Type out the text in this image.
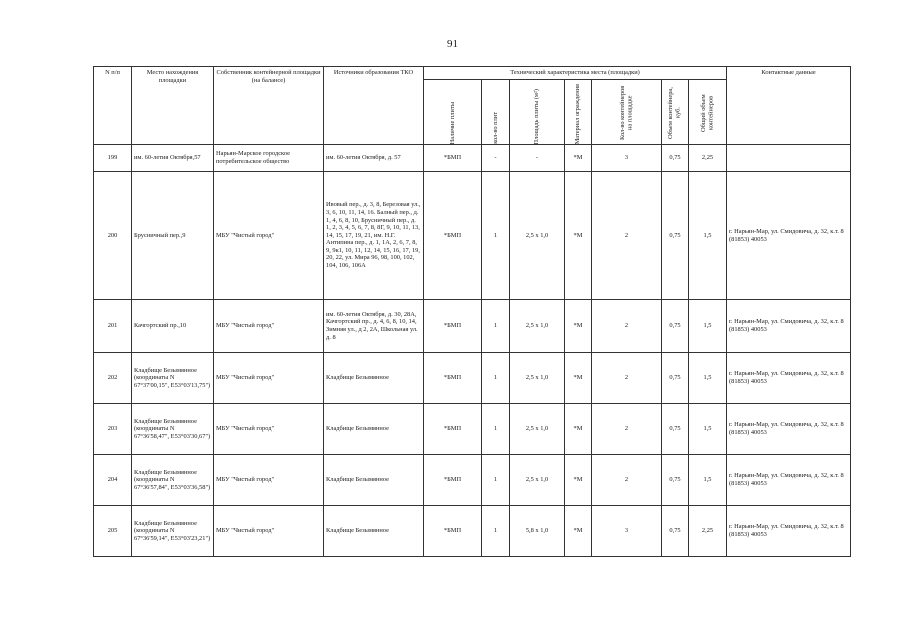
91
N п/п	Место нахождения площадки	Собственник контейнерной площадки (на балансе)	Источники образования ТКО	Технический характеристика места (площадки)							Контактные данные

				Наличие плиты	кол-во плит	Площадь плиты (м²)	Материал ограждения	Кол-во контейнеров на площадке	Объем контейнера, куб.	Общий объем контейнеров	

199	им. 60-летия Октября,57	Нарьян-Марское городское потребительское общество	им. 60-летия Октября, д. 57	*БМП	-	-	*М	3	0,75	2,25	
200	Брусничный пер.,9	МБУ "Чистый город"	Ивовый пер., д. 3, 8, Березовая ул., 3, 6, 10, 11, 14, 16. Балный пер., д. 1, 4, 6, 8, 10, Брусничный пер., д. 1, 2, 3, 4, 5, 6, 7, 8, 8Г, 9, 10, 11, 13, 14, 15, 17, 19, 21, им. Н.Г. Антипина пер., д. 1, 1А, 2, 6, 7, 8, 9, 9к1, 10, 11, 12, 14, 15, 16, 17, 19, 20, 22, ул. Мира 96, 98, 100, 102, 104, 106, 106А	*БМП	1	2,5 х 1,0	*М	2	0,75	1,5	г. Нарьян-Мар, ул. Смидовича, д. 32, к.т. 8 (81853) 40053
201	Качгортский пр.,10	МБУ "Чистый город"	им. 60-летия Октября, д. 30, 28А, Качгортский пр., д. 4, 6, 8, 10, 14, Зимняя ул., д 2, 2А, Школьная ул. д. 8	*БМП	1	2,5 х 1,0	*М	2	0,75	1,5	г. Нарьян-Мар, ул. Смидовича, д. 32, к.т. 8 (81853) 40053
202	Кладбище Безымянное (координаты N 67°37'00,15", E53°03'13,75")	МБУ "Чистый город"	Кладбище Безымянное	*БМП	1	2,5 х 1,0	*М	2	0,75	1,5	г. Нарьян-Мар, ул. Смидовича, д. 32, к.т. 8 (81853) 40053
203	Кладбище Безымянное (координаты N 67°36'58,47", E53°03'30,67")	МБУ "Чистый город"	Кладбище Безымянное	*БМП	1	2,5 х 1,0	*М	2	0,75	1,5	г. Нарьян-Мар, ул. Смидовича, д. 32, к.т. 8 (81853) 40053
204	Кладбище Безымянное (координаты N 67°36'57,84", E53°03'36,58")	МБУ "Чистый город"	Кладбище Безымянное	*БМП	1	2,5 х 1,0	*М	2	0,75	1,5	г. Нарьян-Мар, ул. Смидовича, д. 32, к.т. 8 (81853) 40053
205	Кладбище Безымянное (координаты N 67°36'59,14", E53°03'23,21")	МБУ "Чистый город"	Кладбище Безымянное	*БМП	1	5,8 х 1,0	*М	3	0,75	2,25	г. Нарьян-Мар, ул. Смидовича, д. 32, к.т. 8 (81853) 40053
